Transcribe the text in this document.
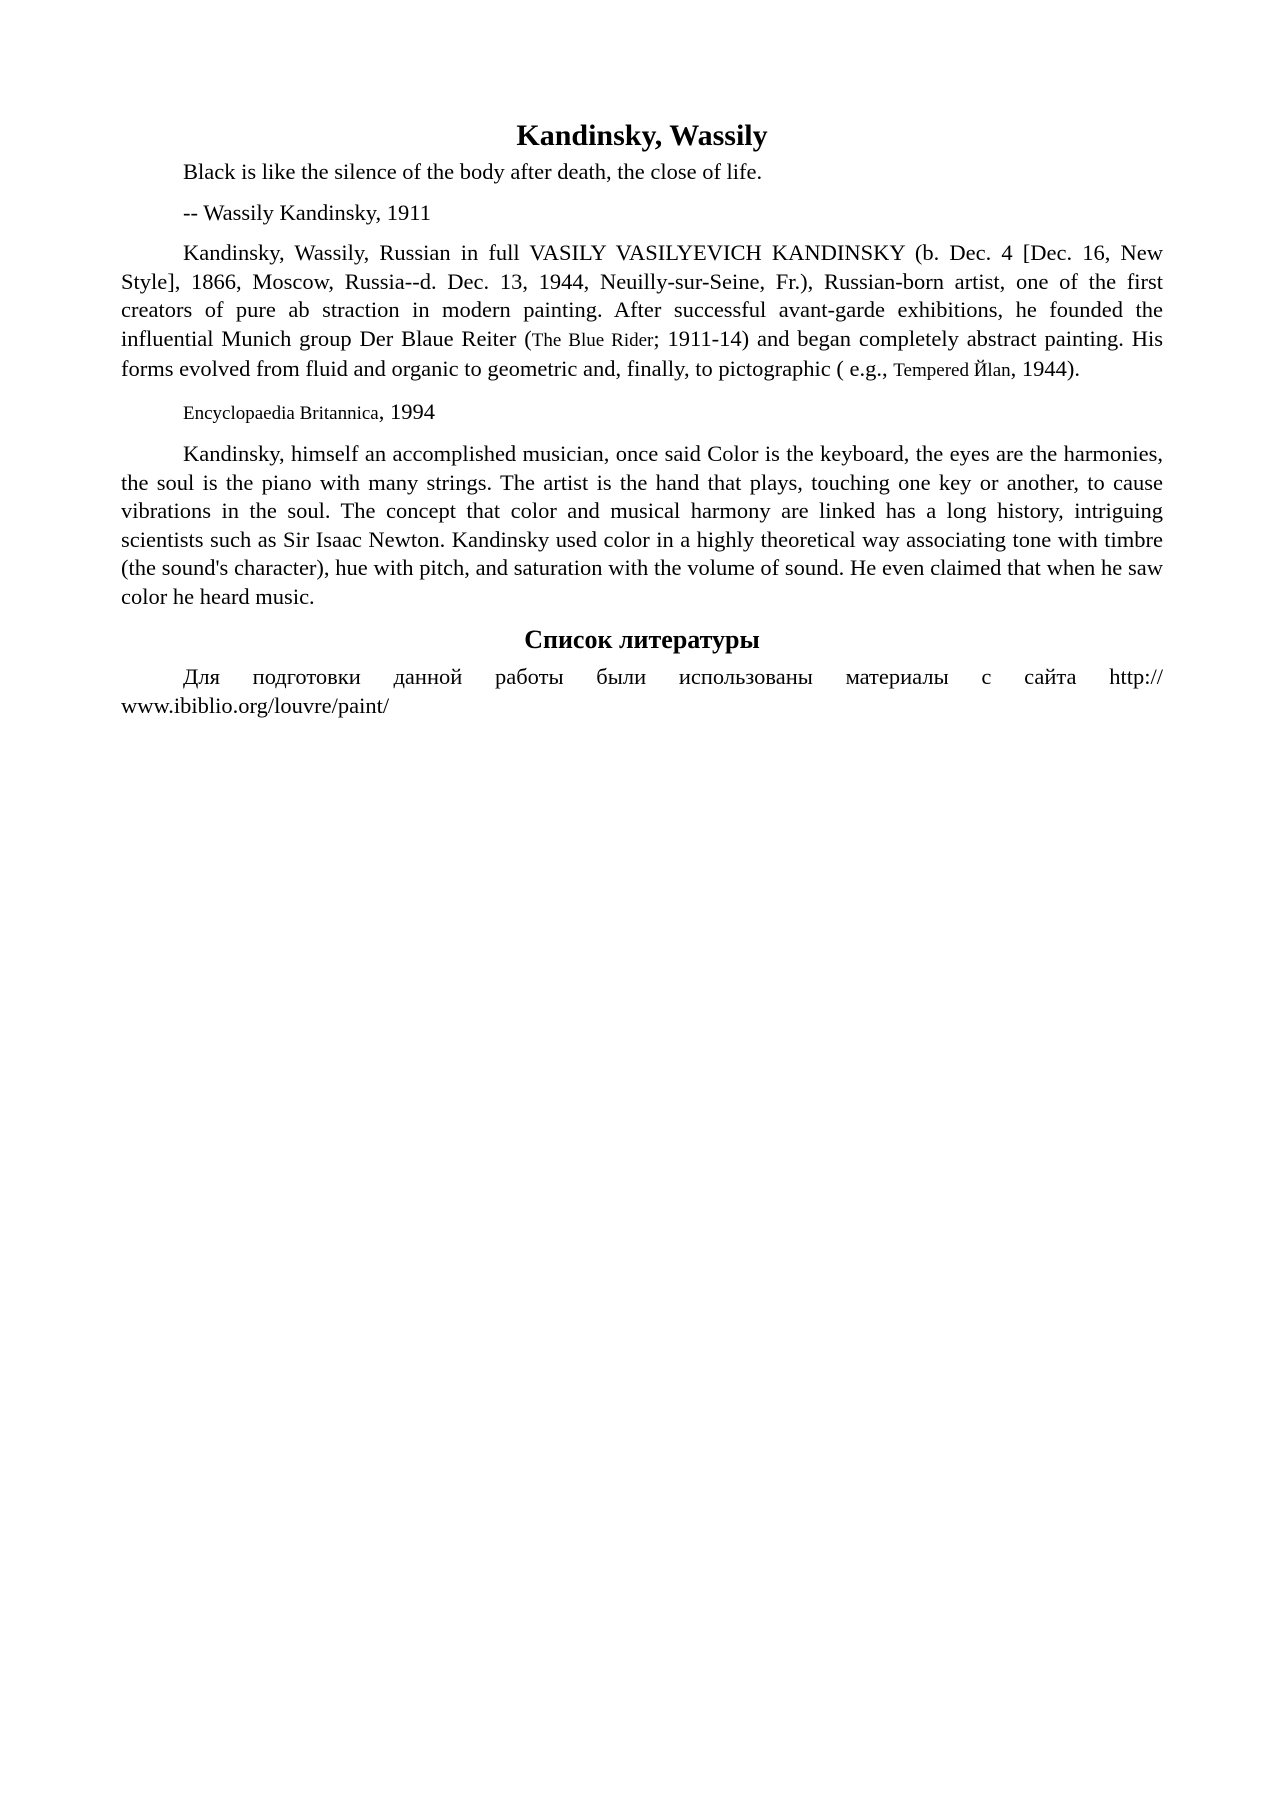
Kandinsky, Wassily

Black is like the silence of the body after death, the close of life.

-- Wassily Kandinsky, 1911

Kandinsky, Wassily, Russian in full VASILY VASILYEVICH KANDINSKY (b. Dec. 4 [Dec. 16, New Style], 1866, Moscow, Russia--d. Dec. 13, 1944, Neuilly-sur-Seine, Fr.), Russian-born artist, one of the first creators of pure ab straction in modern painting. After successful avant-garde exhibitions, he founded the influential Munich group Der Blaue Reiter (The Blue Rider; 1911-14) and began completely abstract painting. His forms evolved from fluid and organic to geometric and, finally, to pictographic ( e.g., Tempered Йlan, 1944).

Encyclopaedia Britannica, 1994

Kandinsky, himself an accomplished musician, once said Color is the keyboard, the eyes are the harmonies, the soul is the piano with many strings. The artist is the hand that plays, touching one key or another, to cause vibrations in the soul. The concept that color and musical harmony are linked has a long history, intriguing scientists such as Sir Isaac Newton. Kandinsky used color in a highly theoretical way associating tone with timbre (the sound's character), hue with pitch, and saturation with the volume of sound. He even claimed that when he saw color he heard music.

Список литературы

Для подготовки данной работы были использованы материалы с сайта http:// www.ibiblio.org/louvre/paint/
